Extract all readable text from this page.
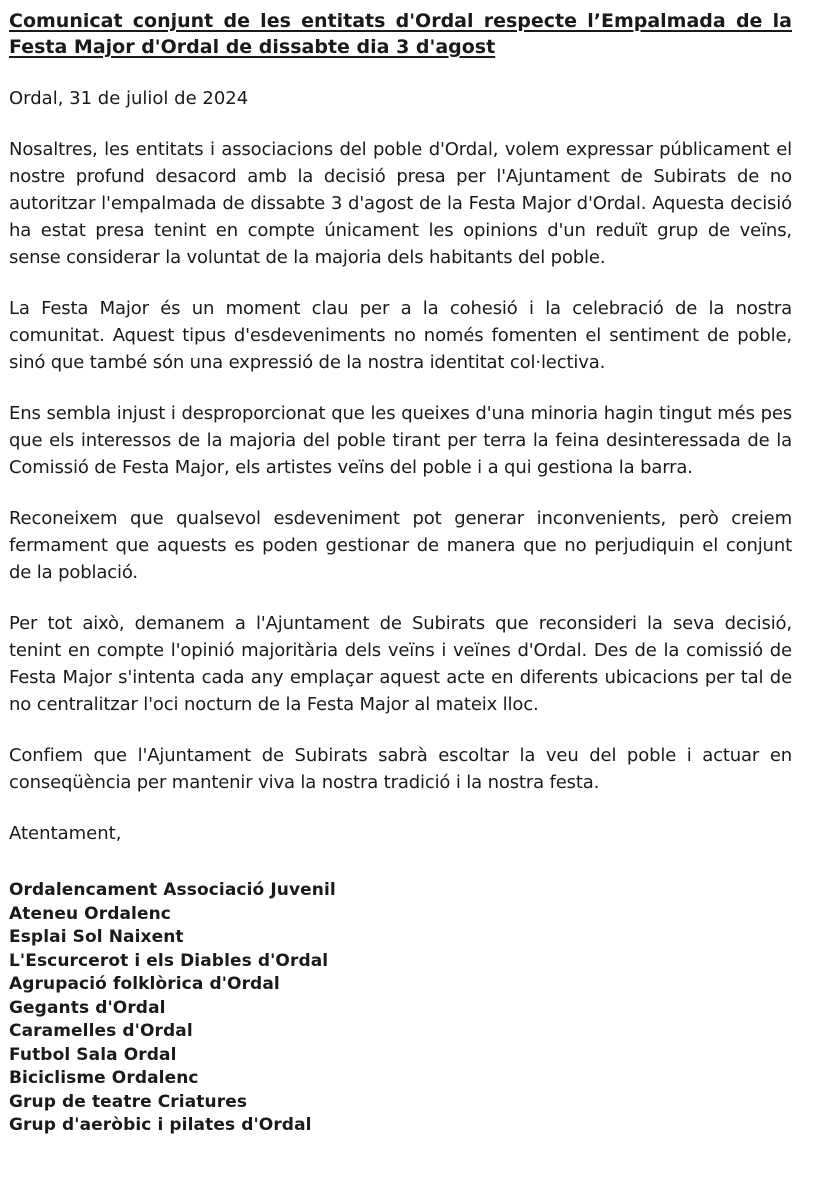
Comunicat conjunt de les entitats d'Ordal respecte l’Empalmada de la Festa Major d'Ordal de dissabte dia 3 d'agost

Ordal, 31 de juliol de 2024

Nosaltres, les entitats i associacions del poble d'Ordal, volem expressar públicament el nostre profund desacord amb la decisió presa per l'Ajuntament de Subirats de no autoritzar l'empalmada de dissabte 3 d'agost de la Festa Major d'Ordal. Aquesta decisió ha estat presa tenint en compte únicament les opinions d'un reduït grup de veïns, sense considerar la voluntat de la majoria dels habitants del poble.

La Festa Major és un moment clau per a la cohesió i la celebració de la nostra comunitat. Aquest tipus d'esdeveniments no només fomenten el sentiment de poble, sinó que també són una expressió de la nostra identitat col·lectiva.

Ens sembla injust i desproporcionat que les queixes d'una minoria hagin tingut més pes que els interessos de la majoria del poble tirant per terra la feina desinteressada de la Comissió de Festa Major, els artistes veïns del poble i a qui gestiona la barra.

Reconeixem que qualsevol esdeveniment pot generar inconvenients, però creiem fermament que aquests es poden gestionar de manera que no perjudiquin el conjunt de la població.

Per tot això, demanem a l'Ajuntament de Subirats que reconsideri la seva decisió, tenint en compte l'opinió majoritària dels veïns i veïnes d'Ordal. Des de la comissió de Festa Major s'intenta cada any emplaçar aquest acte en diferents ubicacions per tal de no centralitzar l'oci nocturn de la Festa Major al mateix lloc.

Confiem que l'Ajuntament de Subirats sabrà escoltar la veu del poble i actuar en conseqüència per mantenir viva la nostra tradició i la nostra festa.

Atentament,

Ordalencament Associació Juvenil
Ateneu Ordalenc
Esplai Sol Naixent
L'Escurcerot i els Diables d'Ordal
Agrupació folklòrica d'Ordal
Gegants d'Ordal
Caramelles d'Ordal
Futbol Sala Ordal
Biciclisme Ordalenc
Grup de teatre Criatures
Grup d'aeròbic i pilates d'Ordal
